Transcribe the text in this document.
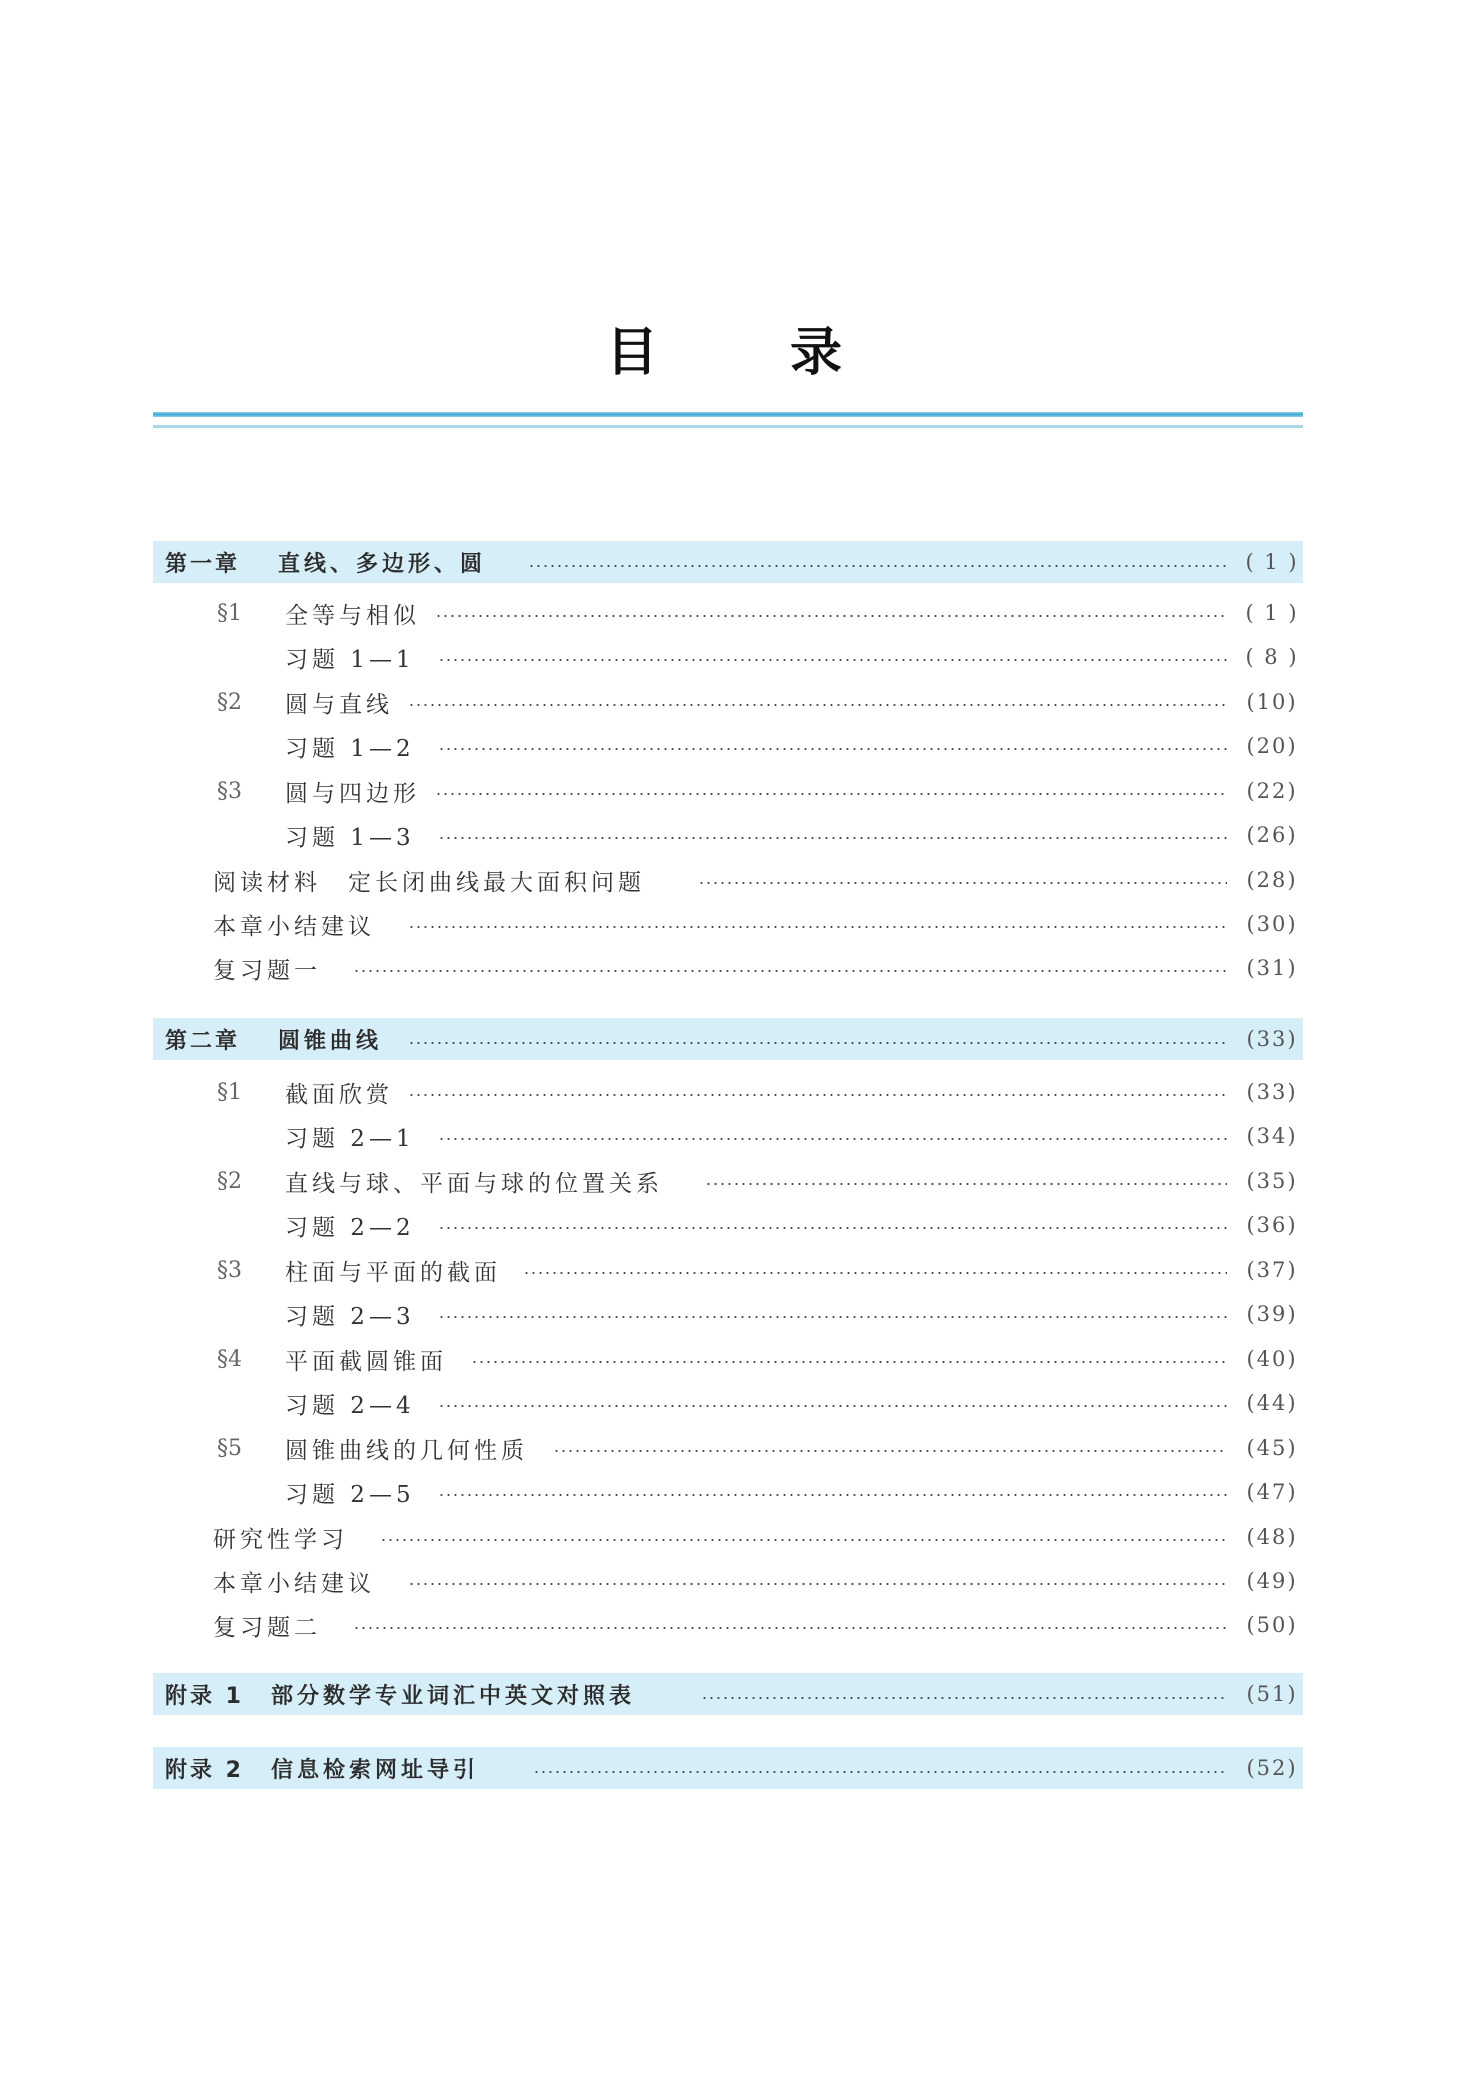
目	录
第一章 直线、多边形、圆	( 1 )
§1 全等与相似	( 1 )
习题 1—1	( 8 )
§2 圆与直线	(10)
习题 1—2	(20)
§3 圆与四边形	(22)
习题 1—3	(26)
阅读材料　定长闭曲线最大面积问题	(28)
本章小结建议	(30)
复习题一	(31)
第二章 圆锥曲线	(33)
§1 截面欣赏	(33)
习题 2—1	(34)
§2 直线与球、平面与球的位置关系	(35)
习题 2—2	(36)
§3 柱面与平面的截面	(37)
习题 2—3	(39)
§4 平面截圆锥面	(40)
习题 2—4	(44)
§5 圆锥曲线的几何性质	(45)
习题 2—5	(47)
研究性学习	(48)
本章小结建议	(49)
复习题二	(50)
附录 1 部分数学专业词汇中英文对照表	(51)
附录 2 信息检索网址导引	(52)
